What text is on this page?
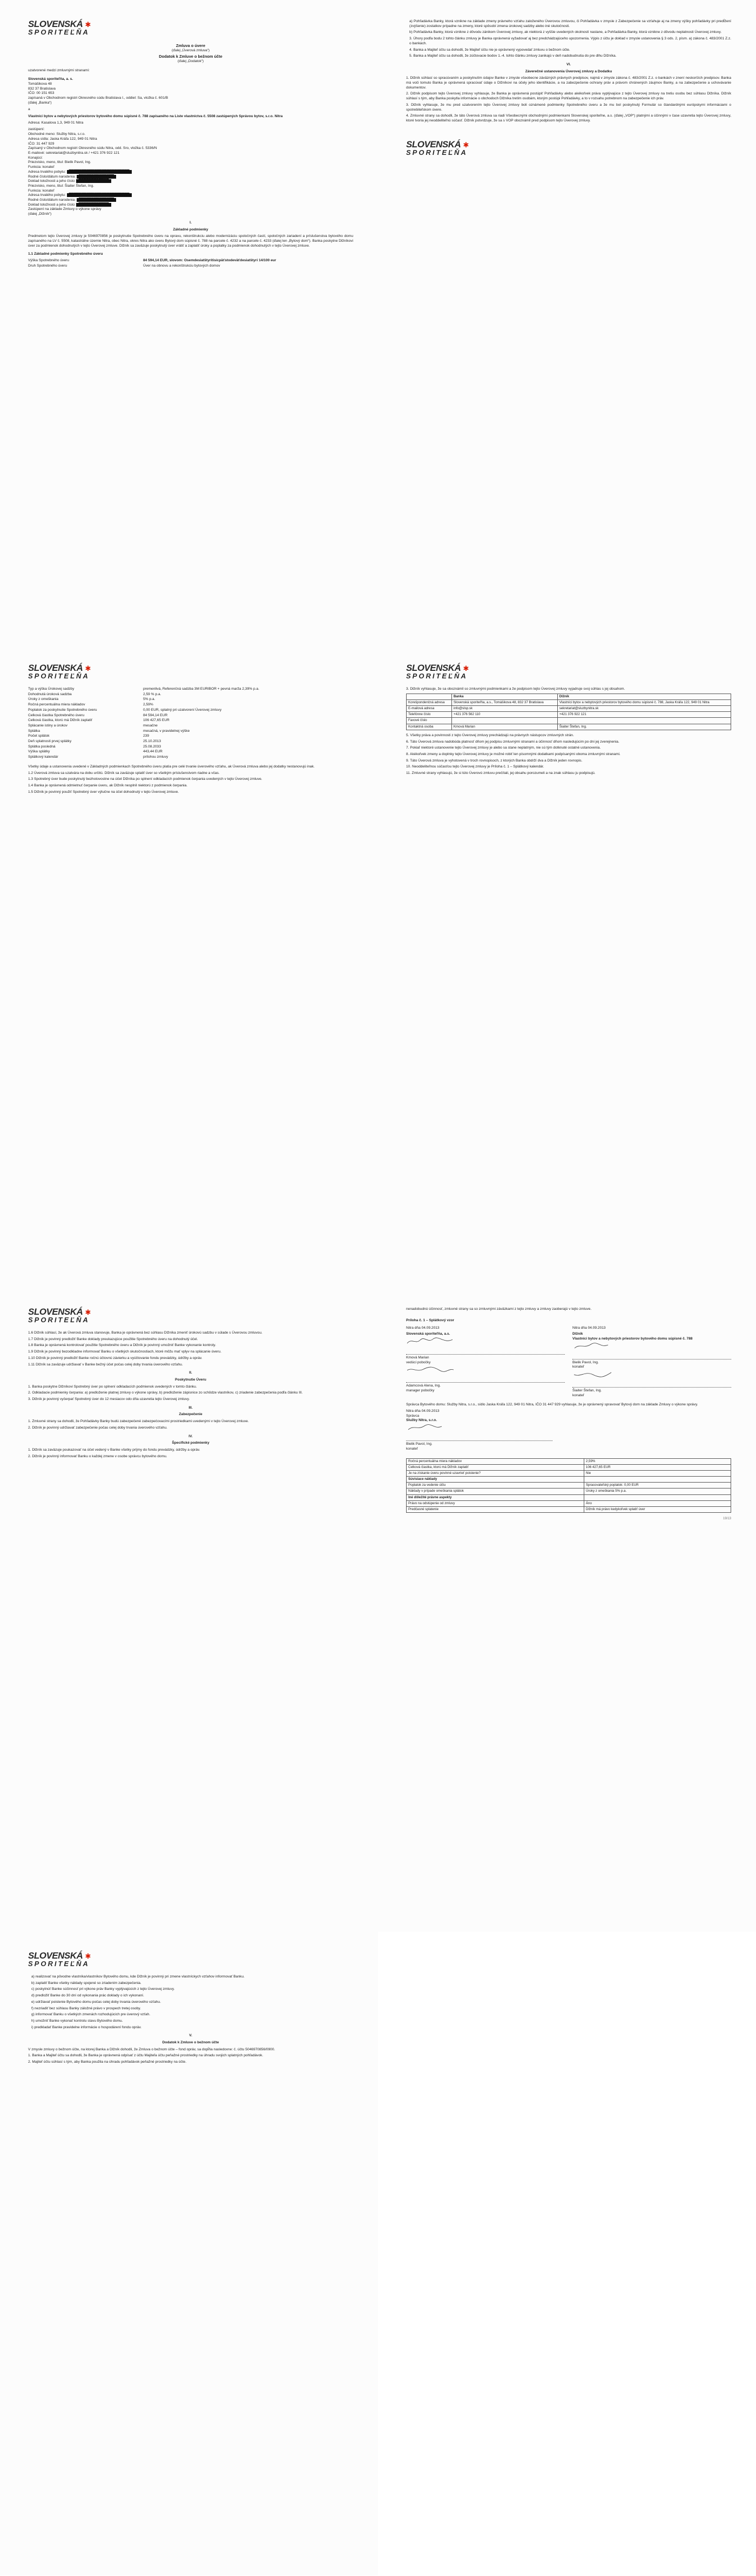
SLOVENSKÁ ✱
SPORITEĽŇA
Zmluva o úvere
(ďalej „Úverová zmluva“)
Dodatok k Zmluve o bežnom účte
(ďalej „Dodatok“)

uzatvorené medzi zmluvnými stranami:

Slovenská sporiteľňa, a. s.
Tomášikova 48
832 37 Bratislava
IČO: 00 151 653
zapísaná v Obchodnom registri Okresného súdu Bratislava I., oddiel: Sa, vložka č. 601/B
(ďalej „Banka“)
a

Vlastníci bytov a nebytových priestorov bytového domu súpisné č. 788 zapísaného na Liste vlastníctva č. 5508 zastúpených Správou bytov, s.r.o. Nitra

Adresa: Kasalova 1,3, 949 01 Nitra
zastúpení:
Obchodné meno: Služby Nitra, s.r.o.
Adresa sídla: Jaska Kráľa 122, 949 01 Nitra
IČO: 31 447 929
Zapísaný v Obchodnom registri Okresného súdu Nitra, odd. Sro, vložka č. 5336/N
E-mailové: sekretariat@sluzbynitra.sk / +421 376 922 121
Konajúci:
Priezvisko, meno, titul: Bielik Pavol, Ing.
Funkcia: konateľ
Adresa trvalého pobytu: ████████████████████████
Rodné číslo/dátum narodenia: ██████████████
Doklad totožnosti a jeho číslo: ████████████
Priezvisko, meno, titul: Šiaiter Štefan, Ing.
Funkcia: konateľ
Adresa trvalého pobytu: ████████████████████████
Rodné číslo/dátum narodenia: ██████████████
Doklad totožnosti a jeho číslo: ████████████
Zastúpení na základe Zmluvy o výkone správy
(ďalej „Dlžník“)
I.
Základné podmienky

Predmetom tejto Úverovej zmluvy je 5046970856 je poskytnutie Spotrebného úveru na opravu, rekonštrukciu alebo modernizáciu spoločných častí, spoločných zariadení a príslušenstva bytového domu zapísaného na LV č. 5508, katastrálne územie Nitra, obec Nitra, okres Nitra ako úveru Bytový dom súpisné č. 788 na parcele č. 4232 a na parcele č. 4233 (ďalej len „Bytový dom“). Banka poskytne Dlžníkovi úver za podmienok dohodnutých v tejto Úverovej zmluve. Dlžník sa zaväzuje poskytnutý úver vrátiť a zaplatiť úroky a poplatky za podmienok dohodnutých v tejto Úverovej zmluve.

1.1 Základné podmienky Spotrebného úveru
Výška Spotrebného úveru	84 594,14 EUR, slovom: Osemdesiatštyritisícpäťstodeväťdesiatštyri 14/100 eur
Druh Spotrebného úveru	Úver na obnovu a rekonštrukciu bytových domov
a) Pohľadávka Banky, ktorá vznikne na základe zmeny právneho vzťahu založeného Úverovou zmluvou, či Pohľadávka v zmysle z Zabezpečenie sa vzťahuje aj na zmeny výšky pohľadávky pri predĺžení (zvýšenie) zostatkov prípadne na zmeny, ktoré spôsobí zmena úrokovej sadzby alebo iné skutočnosti.
b) Pohľadávka Banky, ktorá vznikne z dôvodu zánikom Úverovej zmluvy, ak niektorá z vyššie uvedených okolností nastane, a Pohľadávka Banky, ktorá vznikne z dôvodu neplatnosti Úverovej zmluvy.
3. Úhory podľa bodu 2 tohto článku zmluvy je Banka oprávnená vyžadovať aj bez predchádzajúceho upozornenia. Výpis z účtu je doklad v zmysle ustanovenia § 3 ods. 2, písm. a) zákona č. 483/2001 Z.z. o bankách.
4. Banka a Majiteľ účtu sa dohodli, že Majiteľ účtu nie je oprávnený vypovedať zmluvu o bežnom účte.
5. Banka a Majiteľ účtu sa dohodli, že zúčtovacie bodov 1.-4. tohto článku zmluvy zanikajú v deň nadobudnutia do pre dlhu Dlžníka.
VI.
Záverečné ustanovenia Úverovej zmluvy a Dodatku

1. Dlžník súhlasí so spracúvaním a poskytnutím údajov Banke v zmysle všeobecne záväzných právnych predpisov, najmä v zmysle zákona č. 483/2001 Z.z. o bankách v znení neskorších predpisov. Banka má voči tomuto Banka je oprávnená spracúvať údaje o Dlžníkovi na účely jeho identifikácie, a na zabezpečenie ochrany práv a právom chránených záujmov Banky, a na zabezpečenie a uchovávanie dokumentov.

2. Dlžník podpisom tejto Úverovej zmluvy vyhlasuje, že Banka je oprávnená postúpiť Pohľadávky alebo akékoľvek práva vyplývajúce z tejto Úverovej zmluvy na tretiu osobu bez súhlasu Dlžníka. Dlžník súhlasí s tým, aby Banka poskytla informácie o obchodoch Dlžníka tretím osobám, ktorým postúpi Pohľadávky, a to v rozsahu potrebnom na zabezpečenie ich práv.

3. Dlžník vyhlasuje, že mu pred uzatvorením tejto Úverovej zmluvy boli oznámené podmienky Spotrebného úveru a že mu bol poskytnutý Formulár so štandardnými európskymi informáciami o spotrebiteľskom úvere.

4. Zmluvné strany sa dohodli, že táto Úverová zmluva sa riadi Všeobecnými obchodnými podmienkami Slovenskej sporiteľne, a.s. (ďalej „VOP“) platnými a účinnými v čase uzavretia tejto Úverovej zmluvy, ktoré tvoria jej neoddeliteľnú súčasť. Dlžník potvrdzuje, že sa s VOP oboznámil pred podpisom tejto Úverovej zmluvy.

SLOVENSKÁ ✱
SPORITEĽŇA
SLOVENSKÁ ✱
SPORITEĽŇA
Typ a výška Úrokovej sadzby	premenlivá, Referenčná sadzba 3M EURIBOR + pevná marža 2,39% p.a.
Dohodnutá úroková sadzba	2,59 % p.a.
Úroky z omeškania	5% p.a.
Ročná percentuálna miera nákladov	2,59%
Poplatok za poskytnutie Spotrebného úveru	0,00 EUR, splatný pri uzatvorení Úverovej zmluvy
Celková čiastka Spotrebného úveru	84 594,14 EUR
Celková čiastka, ktorú má Dlžník zaplatiť	106 427,65 EUR
Splácanie istiny a úrokov	mesačne
Splátka	mesačná, v pravidelnej výške
Počet splátok	239
Deň splatnosti prvej splátky	25.10.2013
Splátka posledná	25.08.2033
Výška splátky	443,44 EUR
Splátkový kalendár	prílohou zmluvy

Všetky údaje a ustanovenia uvedené v Základných podmienkach Spotrebného úveru platia pre celé trvanie úverového vzťahu, ak Úverová zmluva alebo jej dodatky nestanovujú inak.

1.2 Úverová zmluva sa uzatvára na dobu určitú. Dlžník sa zaväzuje splatiť úver so všetkým príslušenstvom riadne a včas.
1.3 Spotrebný úver bude poskytnutý bezhotovostne na účet Dlžníka po splnení odkladacích podmienok čerpania uvedených v tejto Úverovej zmluve.
1.4 Banka je oprávnená odmietnuť čerpanie úveru, ak Dlžník nesplnil niektorú z podmienok čerpania.
1.5 Dlžník je povinný použiť Spotrebný úver výlučne na účel dohodnutý v tejto Úverovej zmluve.
SLOVENSKÁ ✱
SPORITEĽŇA

3. Dlžník vyhlasuje, že sa oboznámil so zmluvnými podmienkami a že podpisom tejto Úverovej zmluvy vyjadruje svoj súhlas s jej obsahom.

	Banka	Dlžník
Korešpondenčná adresa	Slovenská sporiteľňa, a.s., Tomášikova 48, 832 37 Bratislava	Vlastníci bytov a nebytových priestorov bytového domu súpisné č. 788, Jaska Kráľa 122, 949 01 Nitra
E-mailová adresa	info@slsp.sk	sekretariat@sluzbynitra.sk
Telefónne číslo	+421 376 562 110	+421 376 922 121
Faxové číslo		
Kontaktná osoba	Kmová Marian	Šiaiter Štefan, Ing.
5. Všetky práva a povinnosti z tejto Úverovej zmluvy prechádzajú na právnych nástupcov zmluvných strán.
6. Táto Úverová zmluva nadobúda platnosť dňom jej podpisu zmluvnými stranami a účinnosť dňom nasledujúcim po dni jej zverejnenia.
7. Pokiaľ niektoré ustanovenie tejto Úverovej zmluvy je alebo sa stane neplatným, nie sú tým dotknuté ostatné ustanovenia.
8. Akékoľvek zmeny a doplnky tejto Úverovej zmluvy je možné robiť len písomnými dodatkami podpísanými oboma zmluvnými stranami.
9. Táto Úverová zmluva je vyhotovená v troch rovnopisoch, z ktorých Banka obdrží dva a Dlžník jeden rovnopis.
10. Neoddeliteľnou súčasťou tejto Úverovej zmluvy je Príloha č. 1 – Splátkový kalendár.
11. Zmluvné strany vyhlasujú, že si túto Úverovú zmluvu prečítali, jej obsahu porozumeli a na znak súhlasu ju podpisujú.
SLOVENSKÁ ✱
SPORITEĽŇA
1.6 Dlžník súhlasí, že ak Úverová zmluva stanovuje, Banka je oprávnená bez súhlasu Dlžníka zmeniť úrokovú sadzbu v súlade s Úverovou zmluvou.
1.7 Dlžník je povinný predložiť Banke doklady preukazujúce použitie Spotrebného úveru na dohodnutý účel.
1.8 Banka je oprávnená kontrolovať použitie Spotrebného úveru a Dlžník je povinný umožniť Banke vykonanie kontroly.
1.9 Dlžník je povinný bezodkladne informovať Banku o všetkých skutočnostiach, ktoré môžu mať vplyv na splácanie úveru.
1.10 Dlžník je povinný predložiť Banke ročnú účtovnú závierku a vyúčtovanie fondu prevádzky, údržby a opráv.
1.11 Dlžník sa zaväzuje udržiavať v Banke bežný účet počas celej doby trvania úverového vzťahu.
II.
Poskytnutie Úveru

1. Banka poskytne Dlžníkovi Spotrebný úver po splnení odkladacích podmienok uvedených v tomto článku.

2. Odkladacie podmienky čerpania: a) predloženie platnej zmluvy o výkone správy, b) predloženie zápisnice zo schôdze vlastníkov, c) zriadenie zabezpečenia podľa článku III.

3. Dlžník je povinný vyčerpať Spotrebný úver do 12 mesiacov odo dňa uzavretia tejto Úverovej zmluvy.

III.
Zabezpečenie

1. Zmluvné strany sa dohodli, že Pohľadávky Banky budú zabezpečené zabezpečovacími prostriedkami uvedenými v tejto Úverovej zmluve.

2. Dlžník je povinný udržiavať zabezpečenie počas celej doby trvania úverového vzťahu.

IV.
Špecifické podmienky

1. Dlžník sa zaväzuje poukazovať na účet vedený v Banke všetky príjmy do fondu prevádzky, údržby a opráv.

2. Dlžník je povinný informovať Banku o každej zmene v osobe správcu bytového domu.

nenadobudnú účinnosť, zmluvné strany sa so zmluvnými záväzkami z tejto zmluvy a zmluvy zaoberajú v tejto zmluve.

Príloha č. 1 – Splátkový vzor
Nitra dňa 04.09.2013
Slovenská sporiteľňa, a.s.
Kmová Marian
vedúci pobočky
Adamcová Alena, Ing.
manager pobočky
Nitra dňa 04.09.2013
Dlžník
Vlastníci bytov a nebytových priestorov bytového domu súpisné č. 788
Bielik Pavol, Ing.
konateľ
Šiaiter Štefan, Ing.
konateľ

Správca Bytového domu: Služby Nitra, s.r.o., sídlo Jaska Kráľa 122, 949 01 Nitra, IČO 31 447 929 vyhlasuje, že je oprávnený spravovať Bytový dom na základe Zmluvy o výkone správy.

Nitra dňa 04.09.2013
Správca
Služby Nitra, s.r.o.
Bielik Pavol, Ing.
konateľ
Ročná percentuálna miera nákladov	2,59%
Celková čiastka, ktorú má Dlžník zaplatiť	106 427,65 EUR
Je na získanie úveru povinné uzavrieť poistenie?	Nie
Súvisiace náklady	
Poplatok za vedenie účtu	Spracovateľský poplatok: 0,00 EUR
Náklady v prípade omeškania splátok	Úroky z omeškania 5% p.a.
Iné dôležité právne aspekty	
Právo na odstúpenie od zmluvy	Áno
Predčasné splatenie	Dlžník má právo kedykoľvek splatiť úver
19/13
SLOVENSKÁ ✱
SPORITEĽŇA
a) realizovať na pôvodne vlastníka/vlastníkov Bytového domu, kde Dlžník je povinný pri zmene vlastníckych vzťahov informovať Banku.
b) zaplatiť Banke všetky náklady spojené so zriadením zabezpečenia.
c) poskytnúť Banke súčinnosť pri výkone práv Banky vyplývajúcich z tejto Úverovej zmluvy.
d) predložiť Banke do 30 dní od vykonania prác doklady o ich vykonaní.
e) udržiavať poistenie Bytového domu počas celej doby trvania úverového vzťahu.
f) nezriadiť bez súhlasu Banky záložné právo v prospech tretej osoby.
g) informovať Banku o všetkých zmenách rozhodujúcich pre úverový vzťah.
h) umožniť Banke vykonať kontrolu stavu Bytového domu.
i) predkladať Banke pravidelne informácie o hospodárení fondu opráv.
V.
Dodatok k Zmluve o bežnom účte

V zmysle zmluvy o bežnom účte, na ktorej Banka a Dlžník dohodli, že Zmluva o bežnom účte – fond opráv, sa dopĺňa nasledovne: č. účtu 5046970856/0900.

1. Banka a Majiteľ účtu sa dohodli, že Banka je oprávnená odpísať z účtu Majiteľa účtu peňažné prostriedky na úhradu svojich splatných pohľadávok.

2. Majiteľ účtu súhlasí s tým, aby Banka použila na úhradu pohľadávok peňažné prostriedky na účte.
